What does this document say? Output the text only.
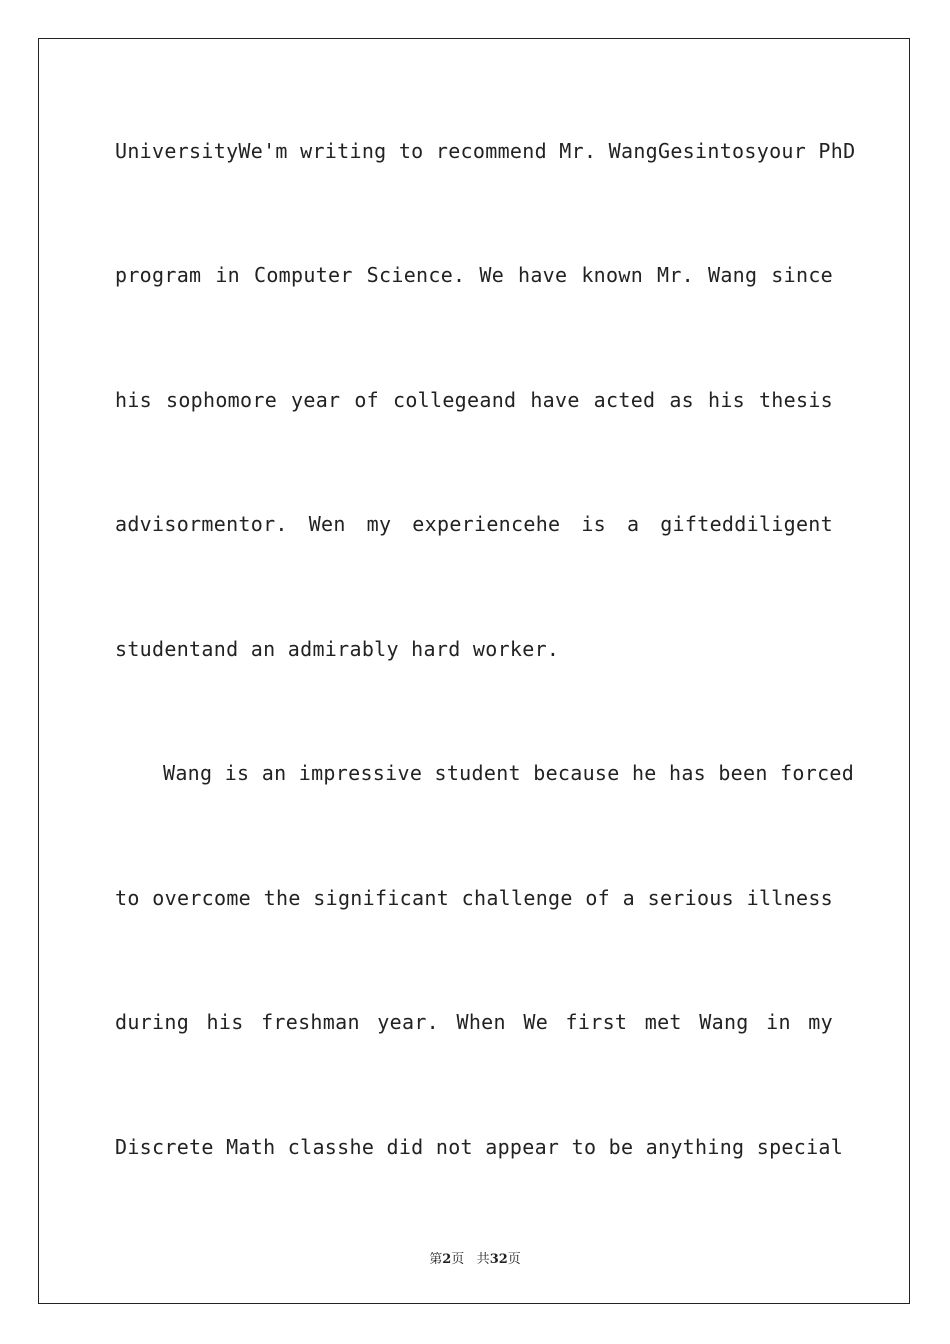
UniversityWe'm writing to recommend Mr. WangGesintosyour PhD
program in Computer Science. We have known Mr. Wang since
his sophomore year of collegeand have acted as his thesis
advisormentor. Wen my experiencehe is a gifteddiligent
studentand an admirably hard worker.
Wang is an impressive student because he has been forced
to overcome the significant challenge of a serious illness
during his freshman year. When We first met Wang in my
Discrete Math classhe did not appear to be anything special
第2页 共32页
